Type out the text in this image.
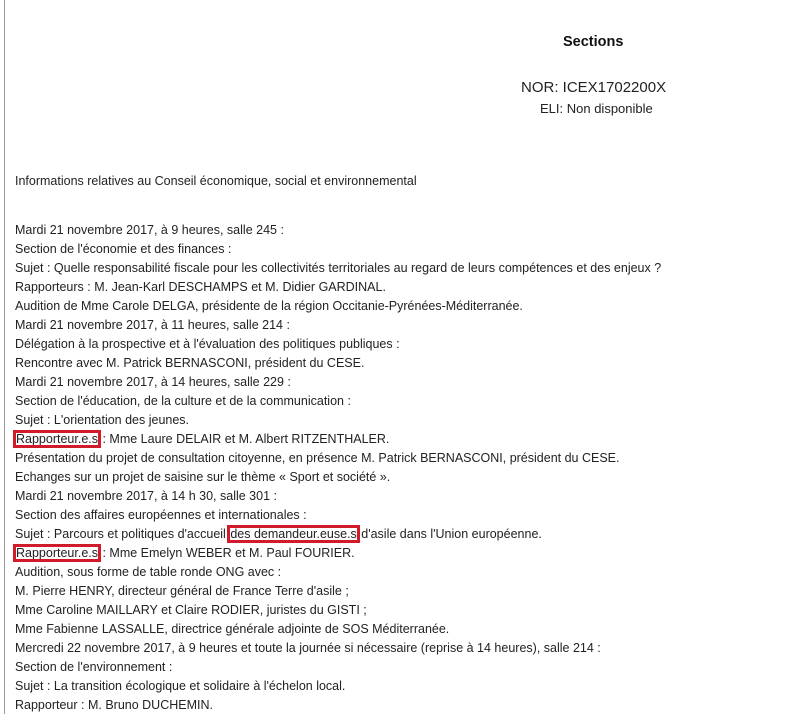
Sections
NOR: ICEX1702200X
ELI: Non disponible
Informations relatives au Conseil économique, social et environnemental
Mardi 21 novembre 2017, à 9 heures, salle 245 :
Section de l'économie et des finances :
Sujet : Quelle responsabilité fiscale pour les collectivités territoriales au regard de leurs compétences et des enjeux ?
Rapporteurs : M. Jean-Karl DESCHAMPS et M. Didier GARDINAL.
Audition de Mme Carole DELGA, présidente de la région Occitanie-Pyrénées-Méditerranée.
Mardi 21 novembre 2017, à 11 heures, salle 214 :
Délégation à la prospective et à l'évaluation des politiques publiques :
Rencontre avec M. Patrick BERNASCONI, président du CESE.
Mardi 21 novembre 2017, à 14 heures, salle 229 :
Section de l'éducation, de la culture et de la communication :
Sujet : L'orientation des jeunes.
Rapporteur.e.s : Mme Laure DELAIR et M. Albert RITZENTHALER.
Présentation du projet de consultation citoyenne, en présence M. Patrick BERNASCONI, président du CESE.
Echanges sur un projet de saisine sur le thème « Sport et société ».
Mardi 21 novembre 2017, à 14 h 30, salle 301 :
Section des affaires européennes et internationales :
Sujet : Parcours et politiques d'accueil des demandeur.euse.s d'asile dans l'Union européenne.
Rapporteur.e.s : Mme Emelyn WEBER et M. Paul FOURIER.
Audition, sous forme de table ronde ONG avec :
M. Pierre HENRY, directeur général de France Terre d'asile ;
Mme Caroline MAILLARY et Claire RODIER, juristes du GISTI ;
Mme Fabienne LASSALLE, directrice générale adjointe de SOS Méditerranée.
Mercredi 22 novembre 2017, à 9 heures et toute la journée si nécessaire (reprise à 14 heures), salle 214 :
Section de l'environnement :
Sujet : La transition écologique et solidaire à l'échelon local.
Rapporteur : M. Bruno DUCHEMIN.
